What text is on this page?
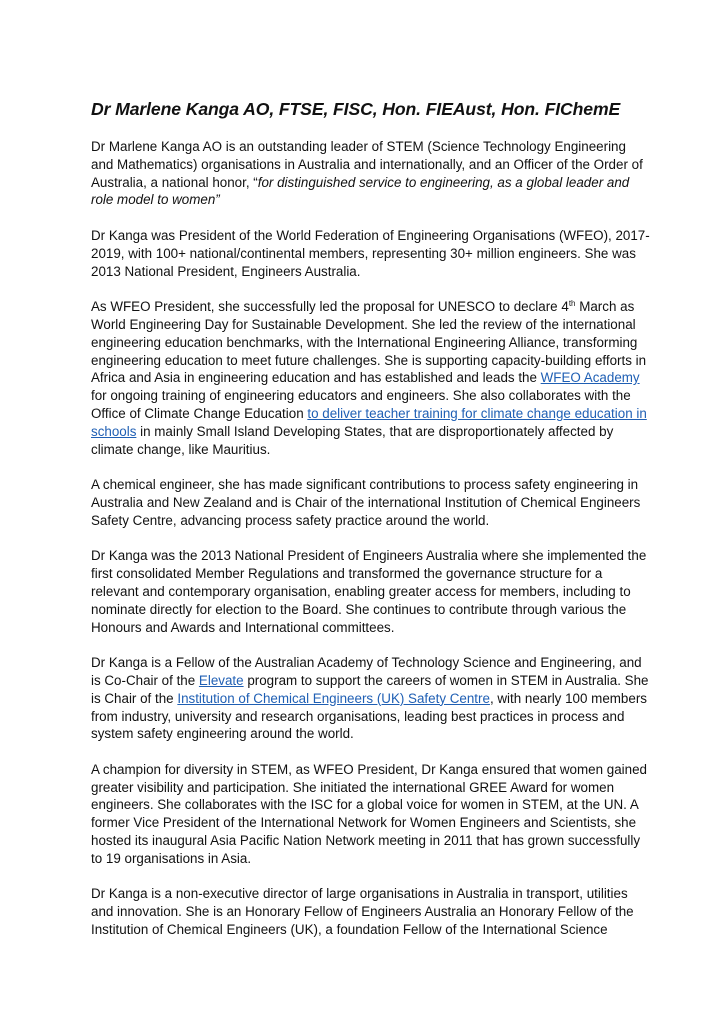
Dr Marlene Kanga AO, FTSE, FISC, Hon. FIEAust, Hon. FIChemE

Dr Marlene Kanga AO is an outstanding leader of STEM (Science Technology Engineering and Mathematics) organisations in Australia and internationally, and an Officer of the Order of Australia, a national honor, “for distinguished service to engineering, as a global leader and role model to women”

Dr Kanga was President of the World Federation of Engineering Organisations (WFEO), 2017-2019, with 100+ national/continental members, representing 30+ million engineers. She was 2013 National President, Engineers Australia.

As WFEO President, she successfully led the proposal for UNESCO to declare 4th March as World Engineering Day for Sustainable Development. She led the review of the international engineering education benchmarks, with the International Engineering Alliance, transforming engineering education to meet future challenges. She is supporting capacity-building efforts in Africa and Asia in engineering education and has established and leads the WFEO Academy for ongoing training of engineering educators and engineers. She also collaborates with the Office of Climate Change Education to deliver teacher training for climate change education in schools in mainly Small Island Developing States, that are disproportionately affected by climate change, like Mauritius.

A chemical engineer, she has made significant contributions to process safety engineering in Australia and New Zealand and is Chair of the international Institution of Chemical Engineers Safety Centre, advancing process safety practice around the world.

Dr Kanga was the 2013 National President of Engineers Australia where she implemented the first consolidated Member Regulations and transformed the governance structure for a relevant and contemporary organisation, enabling greater access for members, including to nominate directly for election to the Board. She continues to contribute through various the Honours and Awards and International committees.

Dr Kanga is a Fellow of the Australian Academy of Technology Science and Engineering, and is Co-Chair of the Elevate program to support the careers of women in STEM in Australia. She is Chair of the Institution of Chemical Engineers (UK) Safety Centre, with nearly 100 members from industry, university and research organisations, leading best practices in process and system safety engineering around the world.

A champion for diversity in STEM, as WFEO President, Dr Kanga ensured that women gained greater visibility and participation. She initiated the international GREE Award for women engineers. She collaborates with the ISC for a global voice for women in STEM, at the UN. A former Vice President of the International Network for Women Engineers and Scientists, she hosted its inaugural Asia Pacific Nation Network meeting in 2011 that has grown successfully to 19 organisations in Asia.

Dr Kanga is a non-executive director of large organisations in Australia in transport, utilities and innovation. She is an Honorary Fellow of Engineers Australia an Honorary Fellow of the Institution of Chemical Engineers (UK), a foundation Fellow of the International Science
